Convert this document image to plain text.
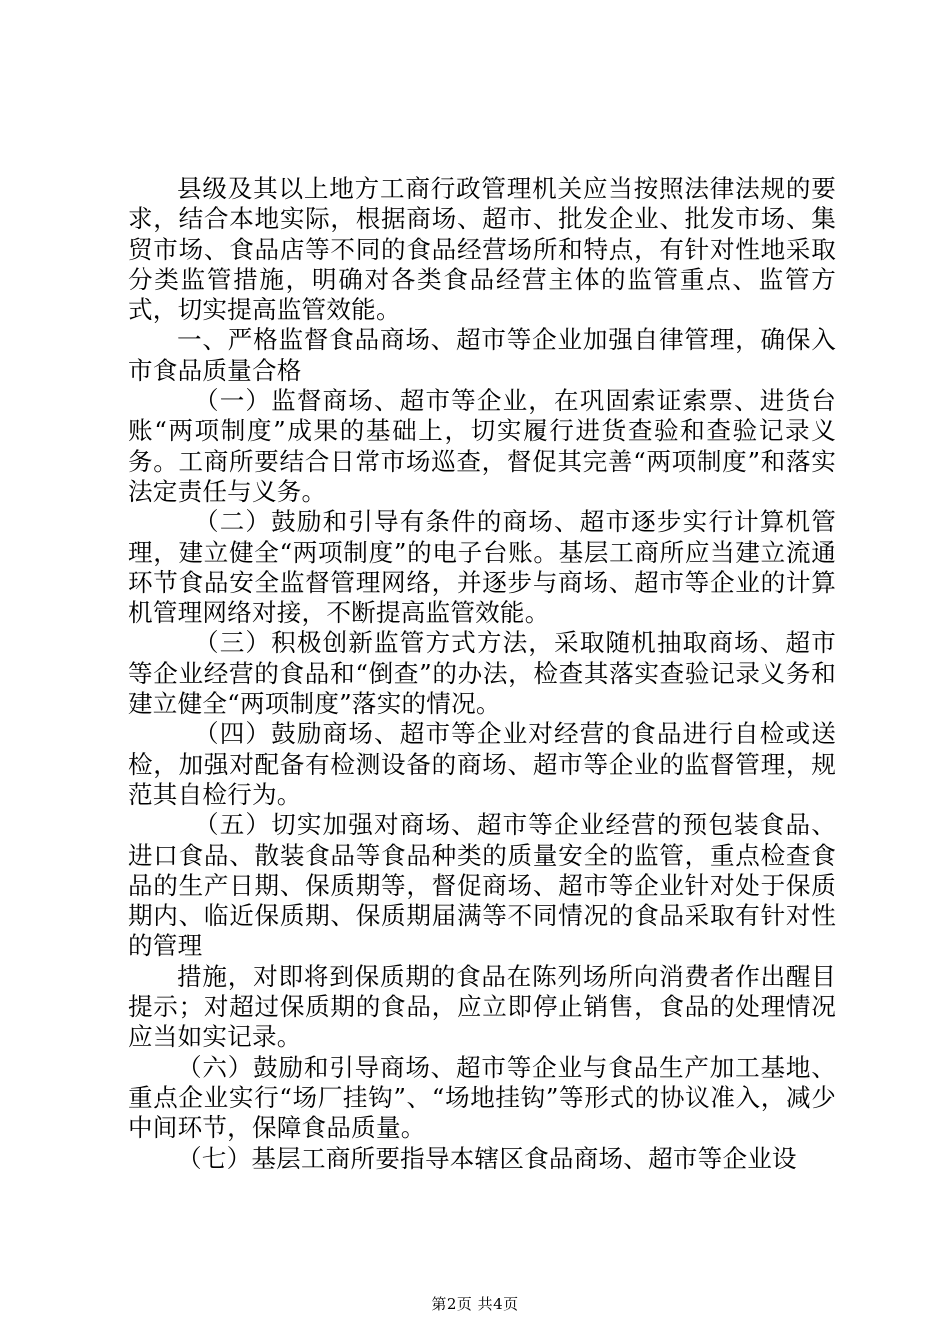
县级及其以上地方工商行政管理机关应当按照法律法规的要求，结合本地实际，根据商场、超市、批发企业、批发市场、集贸市场、食品店等不同的食品经营场所和特点，有针对性地采取分类监管措施，明确对各类食品经营主体的监管重点、监管方式，切实提高监管效能。

一、严格监督食品商场、超市等企业加强自律管理，确保入市食品质量合格

（一）监督商场、超市等企业，在巩固索证索票、进货台账“两项制度”成果的基础上，切实履行进货查验和查验记录义务。工商所要结合日常市场巡查，督促其完善“两项制度”和落实法定责任与义务。

（二）鼓励和引导有条件的商场、超市逐步实行计算机管理，建立健全“两项制度”的电子台账。基层工商所应当建立流通环节食品安全监督管理网络，并逐步与商场、超市等企业的计算机管理网络对接，不断提高监管效能。

（三）积极创新监管方式方法，采取随机抽取商场、超市等企业经营的食品和“倒查”的办法，检查其落实查验记录义务和建立健全“两项制度”落实的情况。

（四）鼓励商场、超市等企业对经营的食品进行自检或送检，加强对配备有检测设备的商场、超市等企业的监督管理，规范其自检行为。

（五）切实加强对商场、超市等企业经营的预包装食品、进口食品、散装食品等食品种类的质量安全的监管，重点检查食品的生产日期、保质期等，督促商场、超市等企业针对处于保质期内、临近保质期、保质期届满等不同情况的食品采取有针对性的管理

措施，对即将到保质期的食品在陈列场所向消费者作出醒目提示；对超过保质期的食品，应立即停止销售，食品的处理情况应当如实记录。

（六）鼓励和引导商场、超市等企业与食品生产加工基地、重点企业实行“场厂挂钩”、“场地挂钩”等形式的协议准入，减少中间环节，保障食品质量。

（七）基层工商所要指导本辖区食品商场、超市等企业设

第2页 共4页
